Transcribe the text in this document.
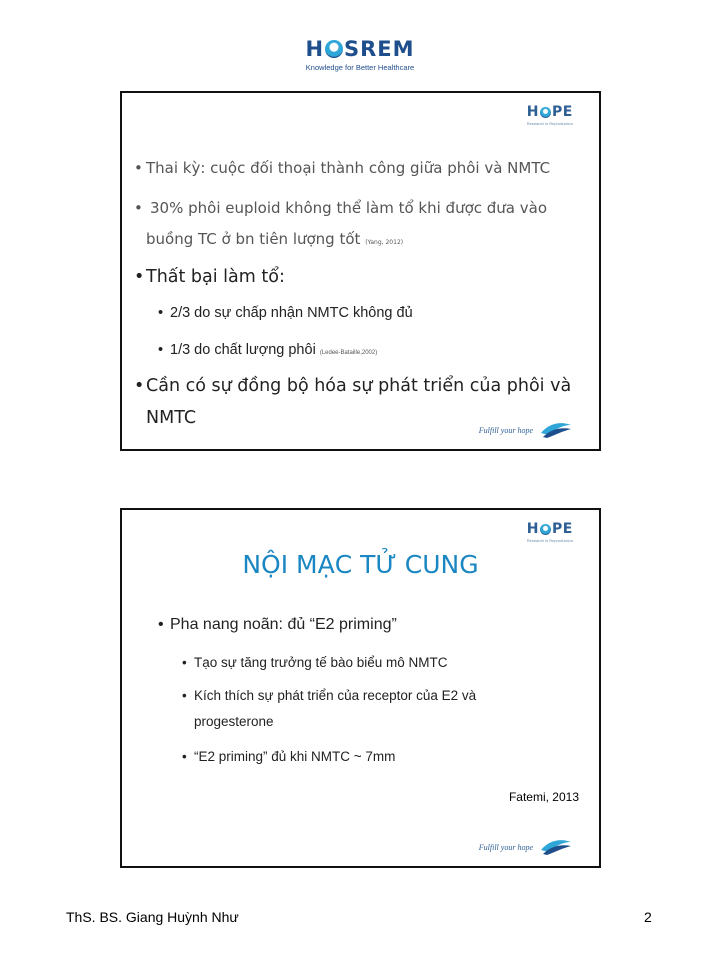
H SREM
Knowledge for Better Healthcare
H PE
Research in Reproduction
• Thai kỳ: cuộc đối thoại thành công giữa phôi và NMTC
• 30% phôi euploid không thể làm tổ khi được đưa vào
buồng TC ở bn tiên lượng tốt (Yang, 2012)
•Thất bại làm tổ:
• 2/3 do sự chấp nhận NMTC không đủ
• 1/3 do chất lượng phôi (Ledee-Bataille,2002)
•Cần có sự đồng bộ hóa sự phát triển của phôi và
NMTC
Fulfill your hope
H PE
Research in Reproduction
NỘI MẠC TỬ CUNG
• Pha nang noãn: đủ “E2 priming”
• Tạo sự tăng trưởng tế bào biểu mô NMTC
• Kích thích sự phát triển của receptor của E2 và
progesterone
• “E2 priming” đủ khi NMTC ~ 7mm
Fatemi, 2013
Fulfill your hope
ThS. BS. Giang Huỳnh Như	2
